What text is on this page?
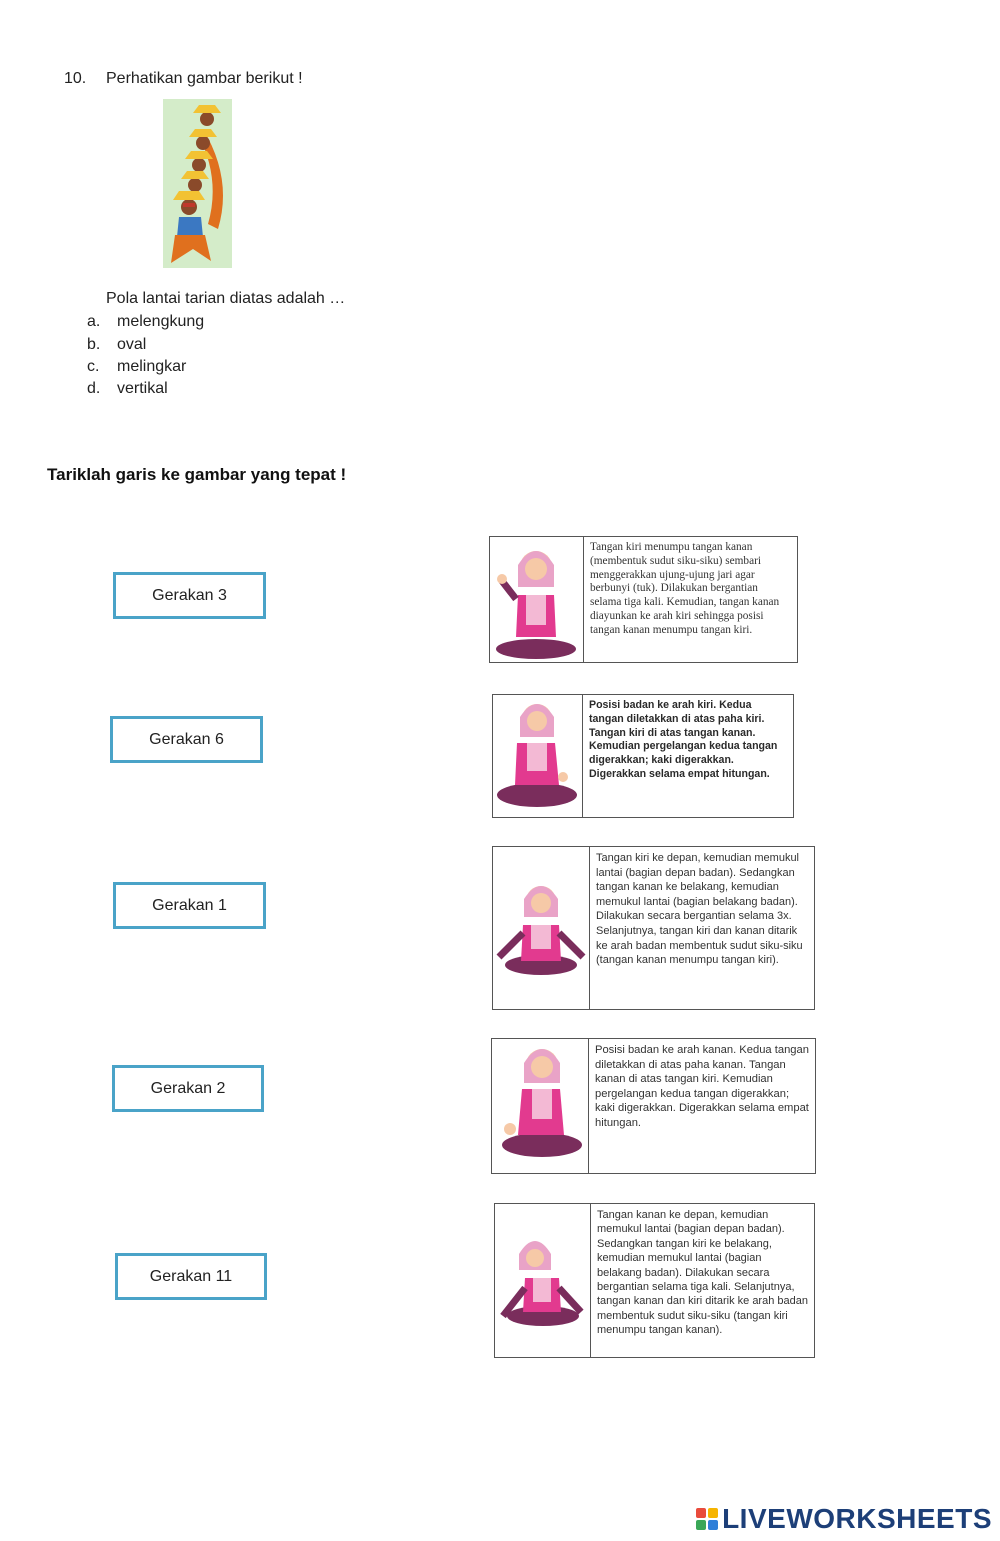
10. Perhatikan gambar berikut !
Pola lantai tarian diatas adalah …
a.	melengkung
b.	oval
c.	melingkar
d.	vertikal
Tariklah garis ke gambar yang tepat !
Gerakan 3
Gerakan 6
Gerakan 1
Gerakan 2
Gerakan 11
Tangan kiri menumpu tangan kanan (membentuk sudut siku-siku) sembari menggerakkan ujung-ujung jari agar berbunyi (tuk). Dilakukan bergantian selama tiga kali. Kemudian, tangan kanan diayunkan ke arah kiri sehingga posisi tangan kanan menumpu tangan kiri.
Posisi badan ke arah kiri. Kedua tangan diletakkan di atas paha kiri. Tangan kiri di atas tangan kanan. Kemudian pergelangan kedua tangan digerakkan; kaki digerakkan. Digerakkan selama empat hitungan.
Tangan kiri ke depan, kemudian memukul lantai (bagian depan badan). Sedangkan tangan kanan ke belakang, kemudian memukul lantai (bagian belakang badan). Dilakukan secara bergantian selama 3x. Selanjutnya, tangan kiri dan kanan ditarik ke arah badan membentuk sudut siku-siku (tangan kanan menumpu tangan kiri).
Posisi badan ke arah kanan. Kedua tangan diletakkan di atas paha kanan. Tangan kanan di atas tangan kiri. Kemudian pergelangan kedua tangan digerakkan; kaki digerakkan. Digerakkan selama empat hitungan.
Tangan kanan ke depan, kemudian memukul lantai (bagian depan badan). Sedangkan tangan kiri ke belakang, kemudian memukul lantai (bagian belakang badan). Dilakukan secara bergantian selama tiga kali. Selanjutnya, tangan kanan dan kiri ditarik ke arah badan membentuk sudut siku-siku (tangan kiri menumpu tangan kanan).
LIVEWORKSHEETS
